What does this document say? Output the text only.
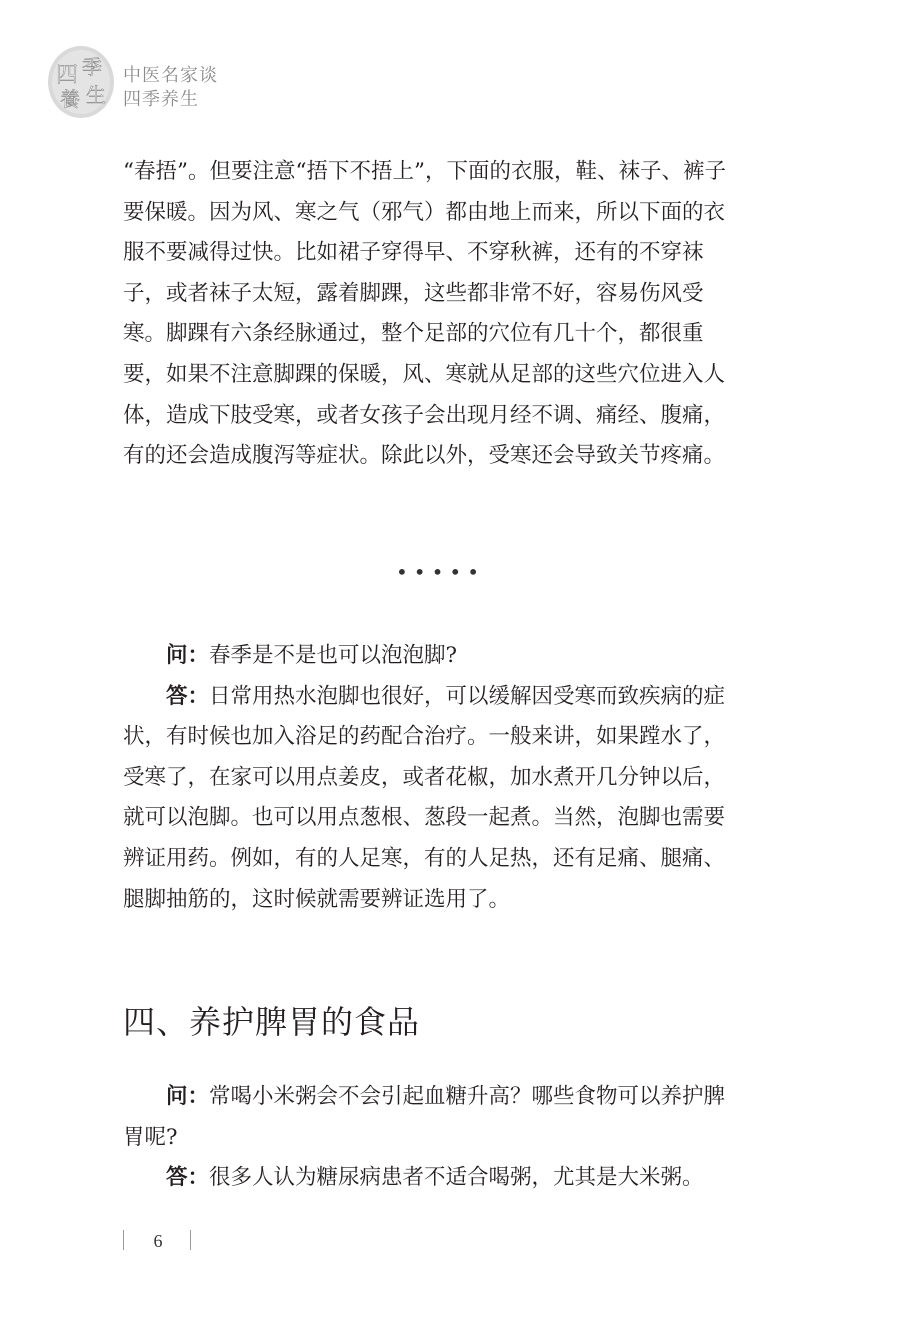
四 季
養 生
中医名家谈
四季养生

“春捂”。但要注意“捂下不捂上”，下面的衣服，鞋、袜子、裤子要保暖。因为风、寒之气（邪气）都由地上而来，所以下面的衣服不要减得过快。比如裙子穿得早、不穿秋裤，还有的不穿袜子，或者袜子太短，露着脚踝，这些都非常不好，容易伤风受寒。脚踝有六条经脉通过，整个足部的穴位有几十个，都很重要，如果不注意脚踝的保暖，风、寒就从足部的这些穴位进入人体，造成下肢受寒，或者女孩子会出现月经不调、痛经、腹痛，有的还会造成腹泻等症状。除此以外，受寒还会导致关节疼痛。

•••••

问：春季是不是也可以泡泡脚?

答：日常用热水泡脚也很好，可以缓解因受寒而致疾病的症状，有时候也加入浴足的药配合治疗。一般来讲，如果蹚水了，受寒了，在家可以用点姜皮，或者花椒，加水煮开几分钟以后，就可以泡脚。也可以用点葱根、葱段一起煮。当然，泡脚也需要辨证用药。例如，有的人足寒，有的人足热，还有足痛、腿痛、腿脚抽筋的，这时候就需要辨证选用了。

四、养护脾胃的食品

问：常喝小米粥会不会引起血糖升高？哪些食物可以养护脾胃呢?

答：很多人认为糖尿病患者不适合喝粥，尤其是大米粥。

6
